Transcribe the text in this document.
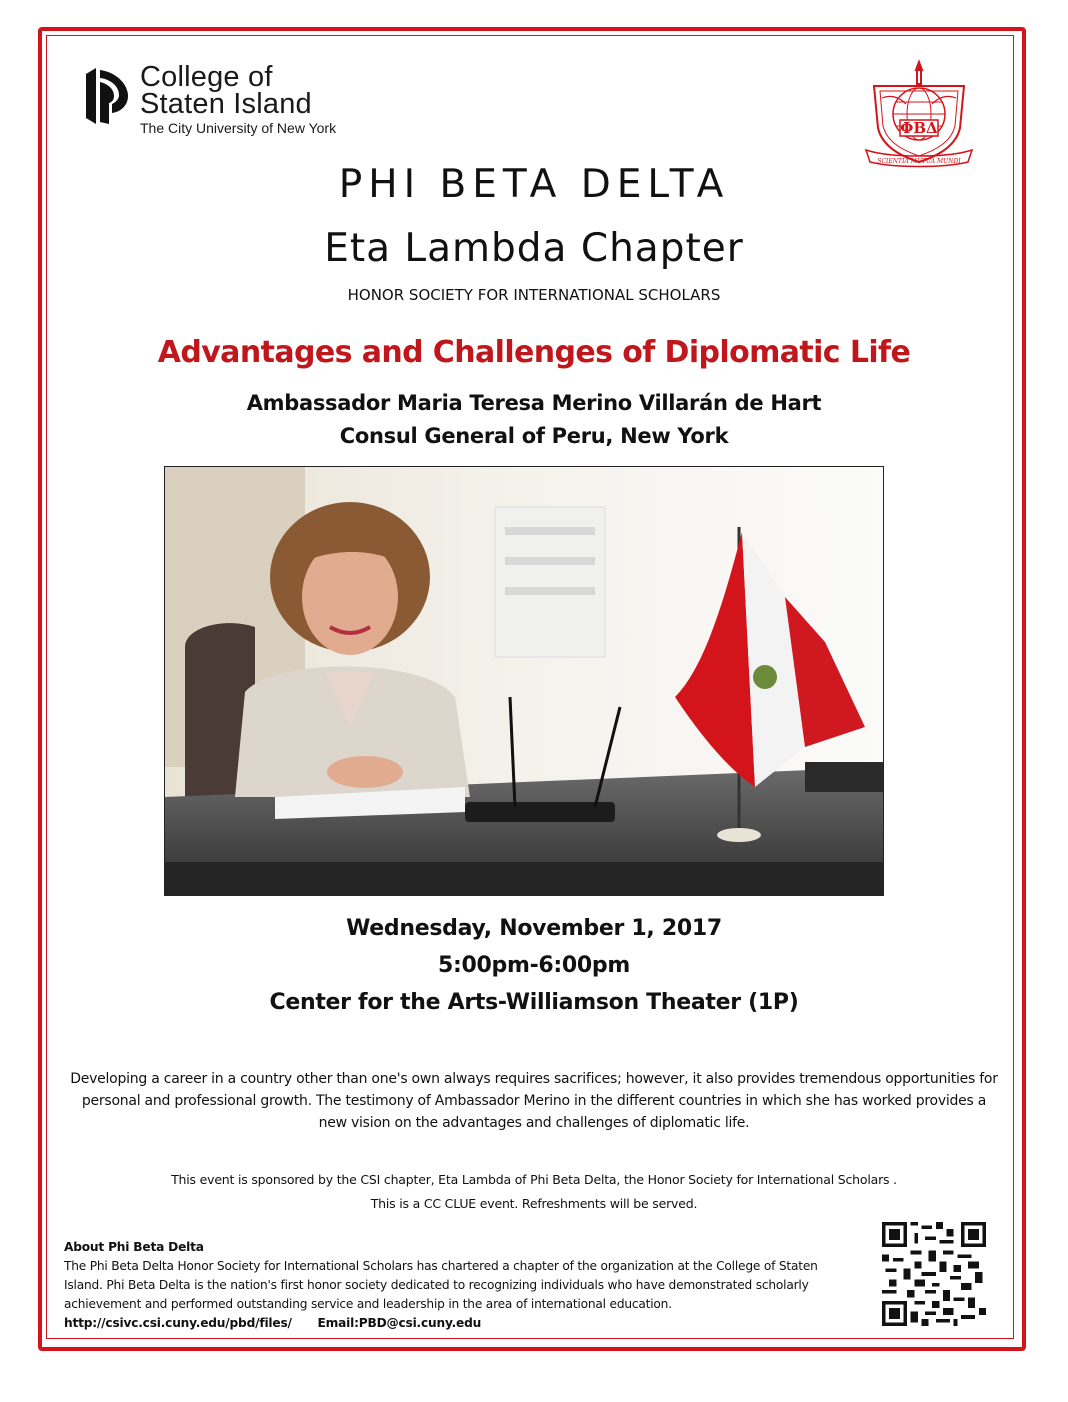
College of
Staten Island
The City University of New York	ΦBΔ
SCIENTIA MUTUA MUNDI
PHI BETA DELTA
Eta Lambda Chapter
HONOR SOCIETY FOR INTERNATIONAL SCHOLARS
Advantages and Challenges of Diplomatic Life
Ambassador Maria Teresa Merino Villarán de Hart
Consul General of Peru, New York
Wednesday, November 1, 2017
5:00pm-6:00pm
Center for the Arts-Williamson Theater (1P)
Developing a career in a country other than one's own always requires sacrifices; however, it also provides tremendous opportunities for personal and professional growth. The testimony of Ambassador Merino in the different countries in which she has worked provides a new vision on the advantages and challenges of diplomatic life.
This event is sponsored by the CSI chapter, Eta Lambda of Phi Beta Delta, the Honor Society for International Scholars .
This is a CC CLUE event. Refreshments will be served.
About Phi Beta Delta
The Phi Beta Delta Honor Society for International Scholars has chartered a chapter of the organization at the College of Staten Island. Phi Beta Delta is the nation's first honor society dedicated to recognizing individuals who have demonstrated scholarly achievement and performed outstanding service and leadership in the area of international education. http://csivc.csi.cuny.edu/pbd/files/ Email:PBD@csi.cuny.edu
